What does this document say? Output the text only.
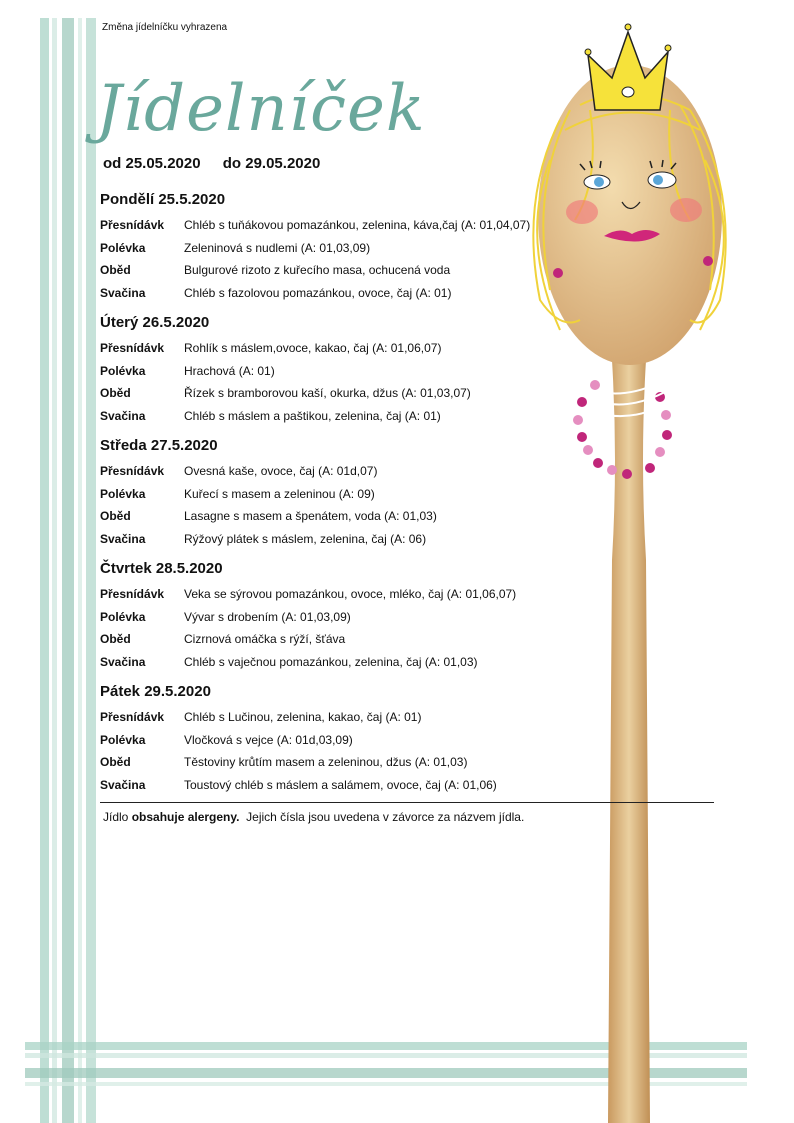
Změna jídelníčku vyhrazena
Jídelníček
od 25.05.2020 do 29.05.2020
Pondělí 25.5.2020
Přesnídávk	Chléb s tuňákovou pomazánkou, zelenina, káva,čaj (A: 01,04,07)
Polévka	Zeleninová s nudlemi (A: 01,03,09)
Oběd	Bulgurové rizoto z kuřecího masa, ochucená voda
Svačina	Chléb s fazolovou pomazánkou, ovoce, čaj (A: 01)
Úterý 26.5.2020
Přesnídávk	Rohlík s máslem,ovoce, kakao, čaj (A: 01,06,07)
Polévka	Hrachová (A: 01)
Oběd	Řízek s bramborovou kaší, okurka, džus (A: 01,03,07)
Svačina	Chléb s máslem a paštikou, zelenina, čaj (A: 01)
Středa 27.5.2020
Přesnídávk	Ovesná kaše, ovoce, čaj (A: 01d,07)
Polévka	Kuřecí s masem a zeleninou (A: 09)
Oběd	Lasagne s masem a špenátem, voda (A: 01,03)
Svačina	Rýžový plátek s máslem, zelenina, čaj (A: 06)
Čtvrtek 28.5.2020
Přesnídávk	Veka se sýrovou pomazánkou, ovoce, mléko, čaj (A: 01,06,07)
Polévka	Vývar s drobením (A: 01,03,09)
Oběd	Cizrnová omáčka s rýží, šťáva
Svačina	Chléb s vaječnou pomazánkou, zelenina, čaj (A: 01,03)
Pátek 29.5.2020
Přesnídávk	Chléb s Lučinou, zelenina, kakao, čaj (A: 01)
Polévka	Vločková s vejce (A: 01d,03,09)
Oběd	Těstoviny krůtím masem a zeleninou, džus (A: 01,03)
Svačina	Toustový chléb s máslem a salámem, ovoce, čaj (A: 01,06)
Jídlo obsahuje alergeny.  Jejich čísla jsou uvedena v závorce za názvem jídla.
